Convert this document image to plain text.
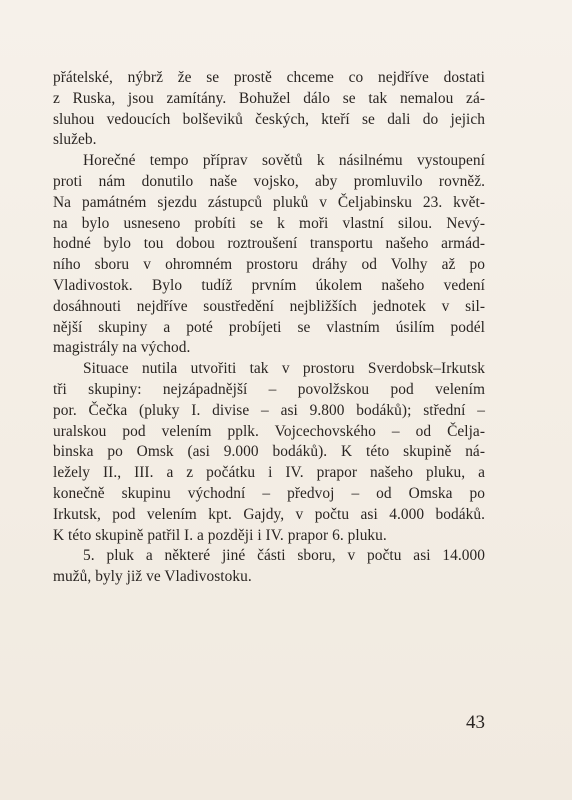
přátelské, nýbrž že se prostě chceme co nejdříve dostati
z Ruska, jsou zamítány. Bohužel dálo se tak nemalou zá-
sluhou vedoucích bolševiků českých, kteří se dali do jejich
služeb.
Horečné tempo příprav sovětů k násilnému vystoupení
proti nám donutilo naše vojsko, aby promluvilo rovněž.
Na památném sjezdu zástupců pluků v Čeljabinsku 23. květ-
na bylo usneseno probíti se k moři vlastní silou. Nevý-
hodné bylo tou dobou roztroušení transportu našeho armád-
ního sboru v ohromném prostoru dráhy od Volhy až po
Vladivostok. Bylo tudíž prvním úkolem našeho vedení
dosáhnouti nejdříve soustředění nejbližších jednotek v sil-
nější skupiny a poté probíjeti se vlastním úsilím podél
magistrály na východ.
Situace nutila utvořiti tak v prostoru Sverdobsk–Irkutsk
tři skupiny: nejzápadnější – povolžskou pod velením
por. Čečka (pluky I. divise – asi 9.800 bodáků); střední –
uralskou pod velením pplk. Vojcechovského – od Čelja-
binska po Omsk (asi 9.000 bodáků). K této skupině ná-
ležely II., III. a z počátku i IV. prapor našeho pluku, a
konečně skupinu východní – předvoj – od Omska po
Irkutsk, pod velením kpt. Gajdy, v počtu asi 4.000 bodáků.
K této skupině patřil I. a později i IV. prapor 6. pluku.
5. pluk a některé jiné části sboru, v počtu asi 14.000
mužů, byly již ve Vladivostoku.
43
